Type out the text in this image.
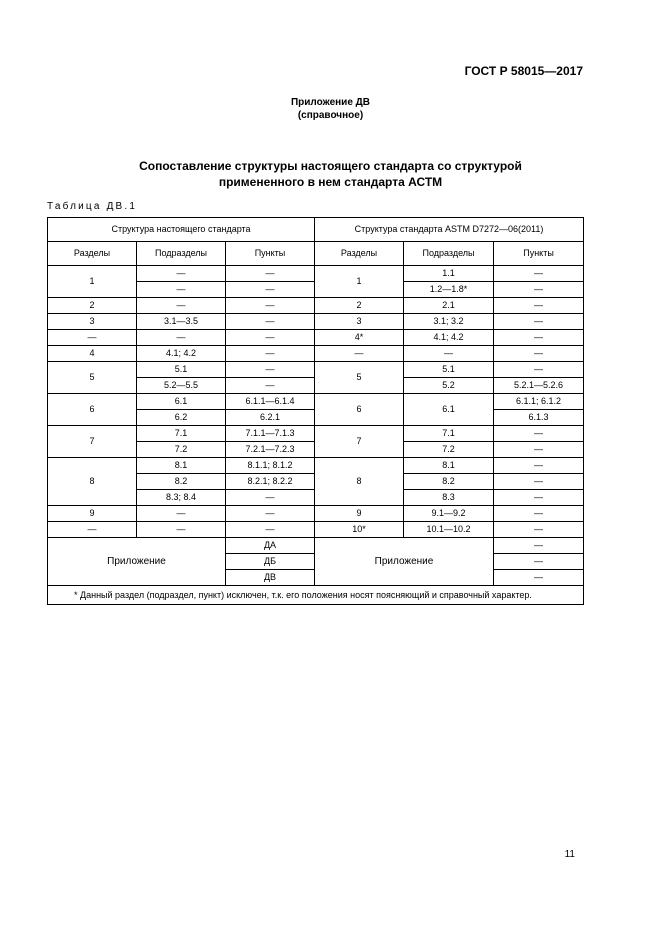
ГОСТ Р 58015—2017
Приложение ДВ
(справочное)
Сопоставление структуры настоящего стандарта со структурой
примененного в нем стандарта АСТМ
Таблица ДВ.1
Структура настоящего стандарта			Структура стандарта ASTM D7272—06(2011)		
Разделы	Подразделы	Пункты	Разделы	Подразделы	Пункты
1	—	—	1	1.1	—
	—	—		1.2—1.8*	—
2	—	—	2	2.1	—
3	3.1—3.5	—	3	3.1; 3.2	—
—	—	—	4*	4.1; 4.2	—
4	4.1; 4.2	—	—	—	—
5	5.1	—	5	5.1	—
	5.2—5.5	—		5.2	5.2.1—5.2.6
6	6.1	6.1.1—6.1.4	6	6.1	6.1.1; 6.1.2
	6.2	6.2.1			6.1.3
7	7.1	7.1.1—7.1.3	7	7.1	—
	7.2	7.2.1—7.2.3		7.2	—
8	8.1	8.1.1; 8.1.2	8	8.1	—
	8.2	8.2.1; 8.2.2		8.2	—
	8.3; 8.4	—		8.3	—
9	—	—	9	9.1—9.2	—
—	—	—	10*	10.1—10.2	—
Приложение		ДА	Приложение		—
		ДБ			—
		ДВ			—
* Данный раздел (подраздел, пункт) исключен, т.к. его положения носят поясняющий и справочный характер.					
11
